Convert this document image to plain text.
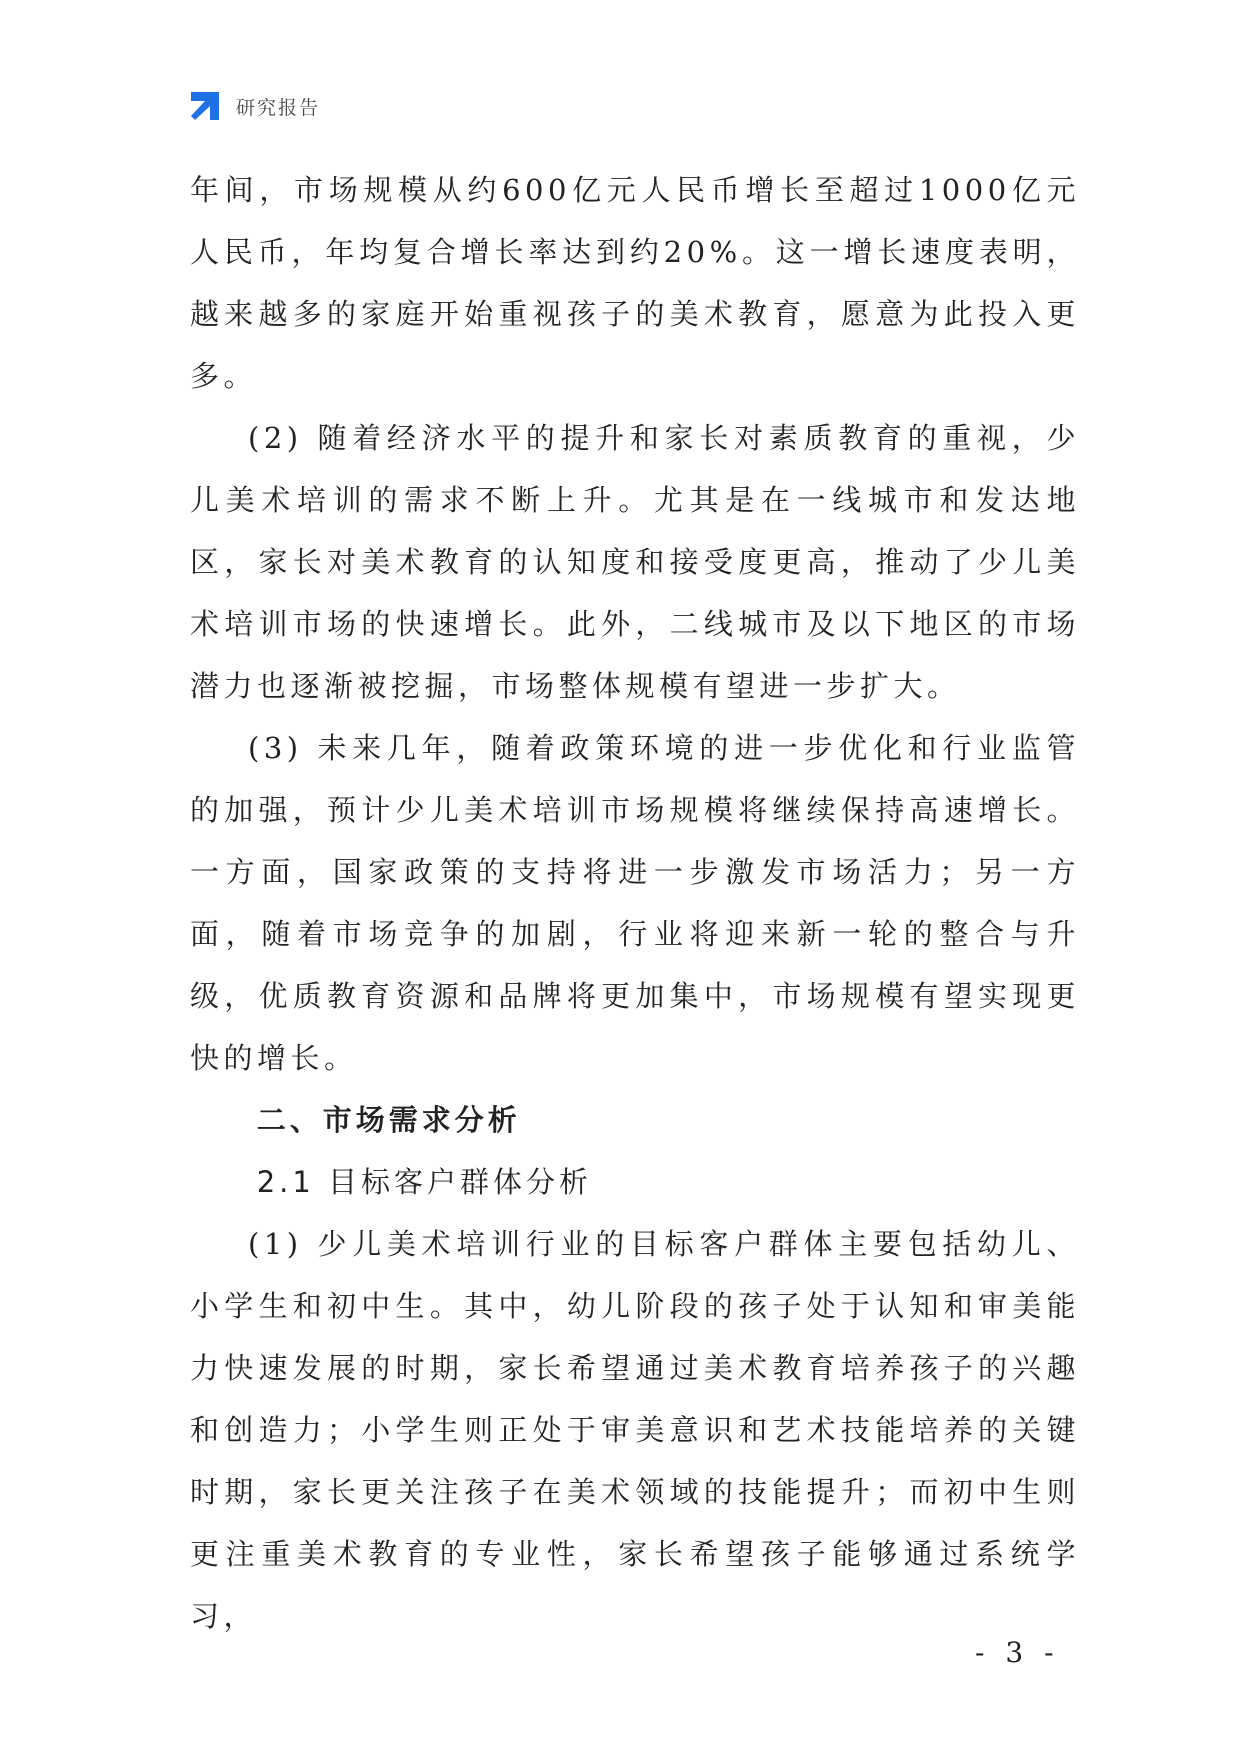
研究报告

年间，市场规模从约600亿元人民币增长至超过1000亿元人民币，年均复合增长率达到约20%。这一增长速度表明，越来越多的家庭开始重视孩子的美术教育，愿意为此投入更多。

(2) 随着经济水平的提升和家长对素质教育的重视，少儿美术培训的需求不断上升。尤其是在一线城市和发达地区，家长对美术教育的认知度和接受度更高，推动了少儿美术培训市场的快速增长。此外，二线城市及以下地区的市场潜力也逐渐被挖掘，市场整体规模有望进一步扩大。

(3) 未来几年，随着政策环境的进一步优化和行业监管的加强，预计少儿美术培训市场规模将继续保持高速增长。一方面，国家政策的支持将进一步激发市场活力；另一方面，随着市场竞争的加剧，行业将迎来新一轮的整合与升级，优质教育资源和品牌将更加集中，市场规模有望实现更快的增长。

二、市场需求分析

2.1 目标客户群体分析

(1) 少儿美术培训行业的目标客户群体主要包括幼儿、小学生和初中生。其中，幼儿阶段的孩子处于认知和审美能力快速发展的时期，家长希望通过美术教育培养孩子的兴趣和创造力；小学生则正处于审美意识和艺术技能培养的关键时期，家长更关注孩子在美术领域的技能提升；而初中生则更注重美术教育的专业性，家长希望孩子能够通过系统学习，

- 3 -
